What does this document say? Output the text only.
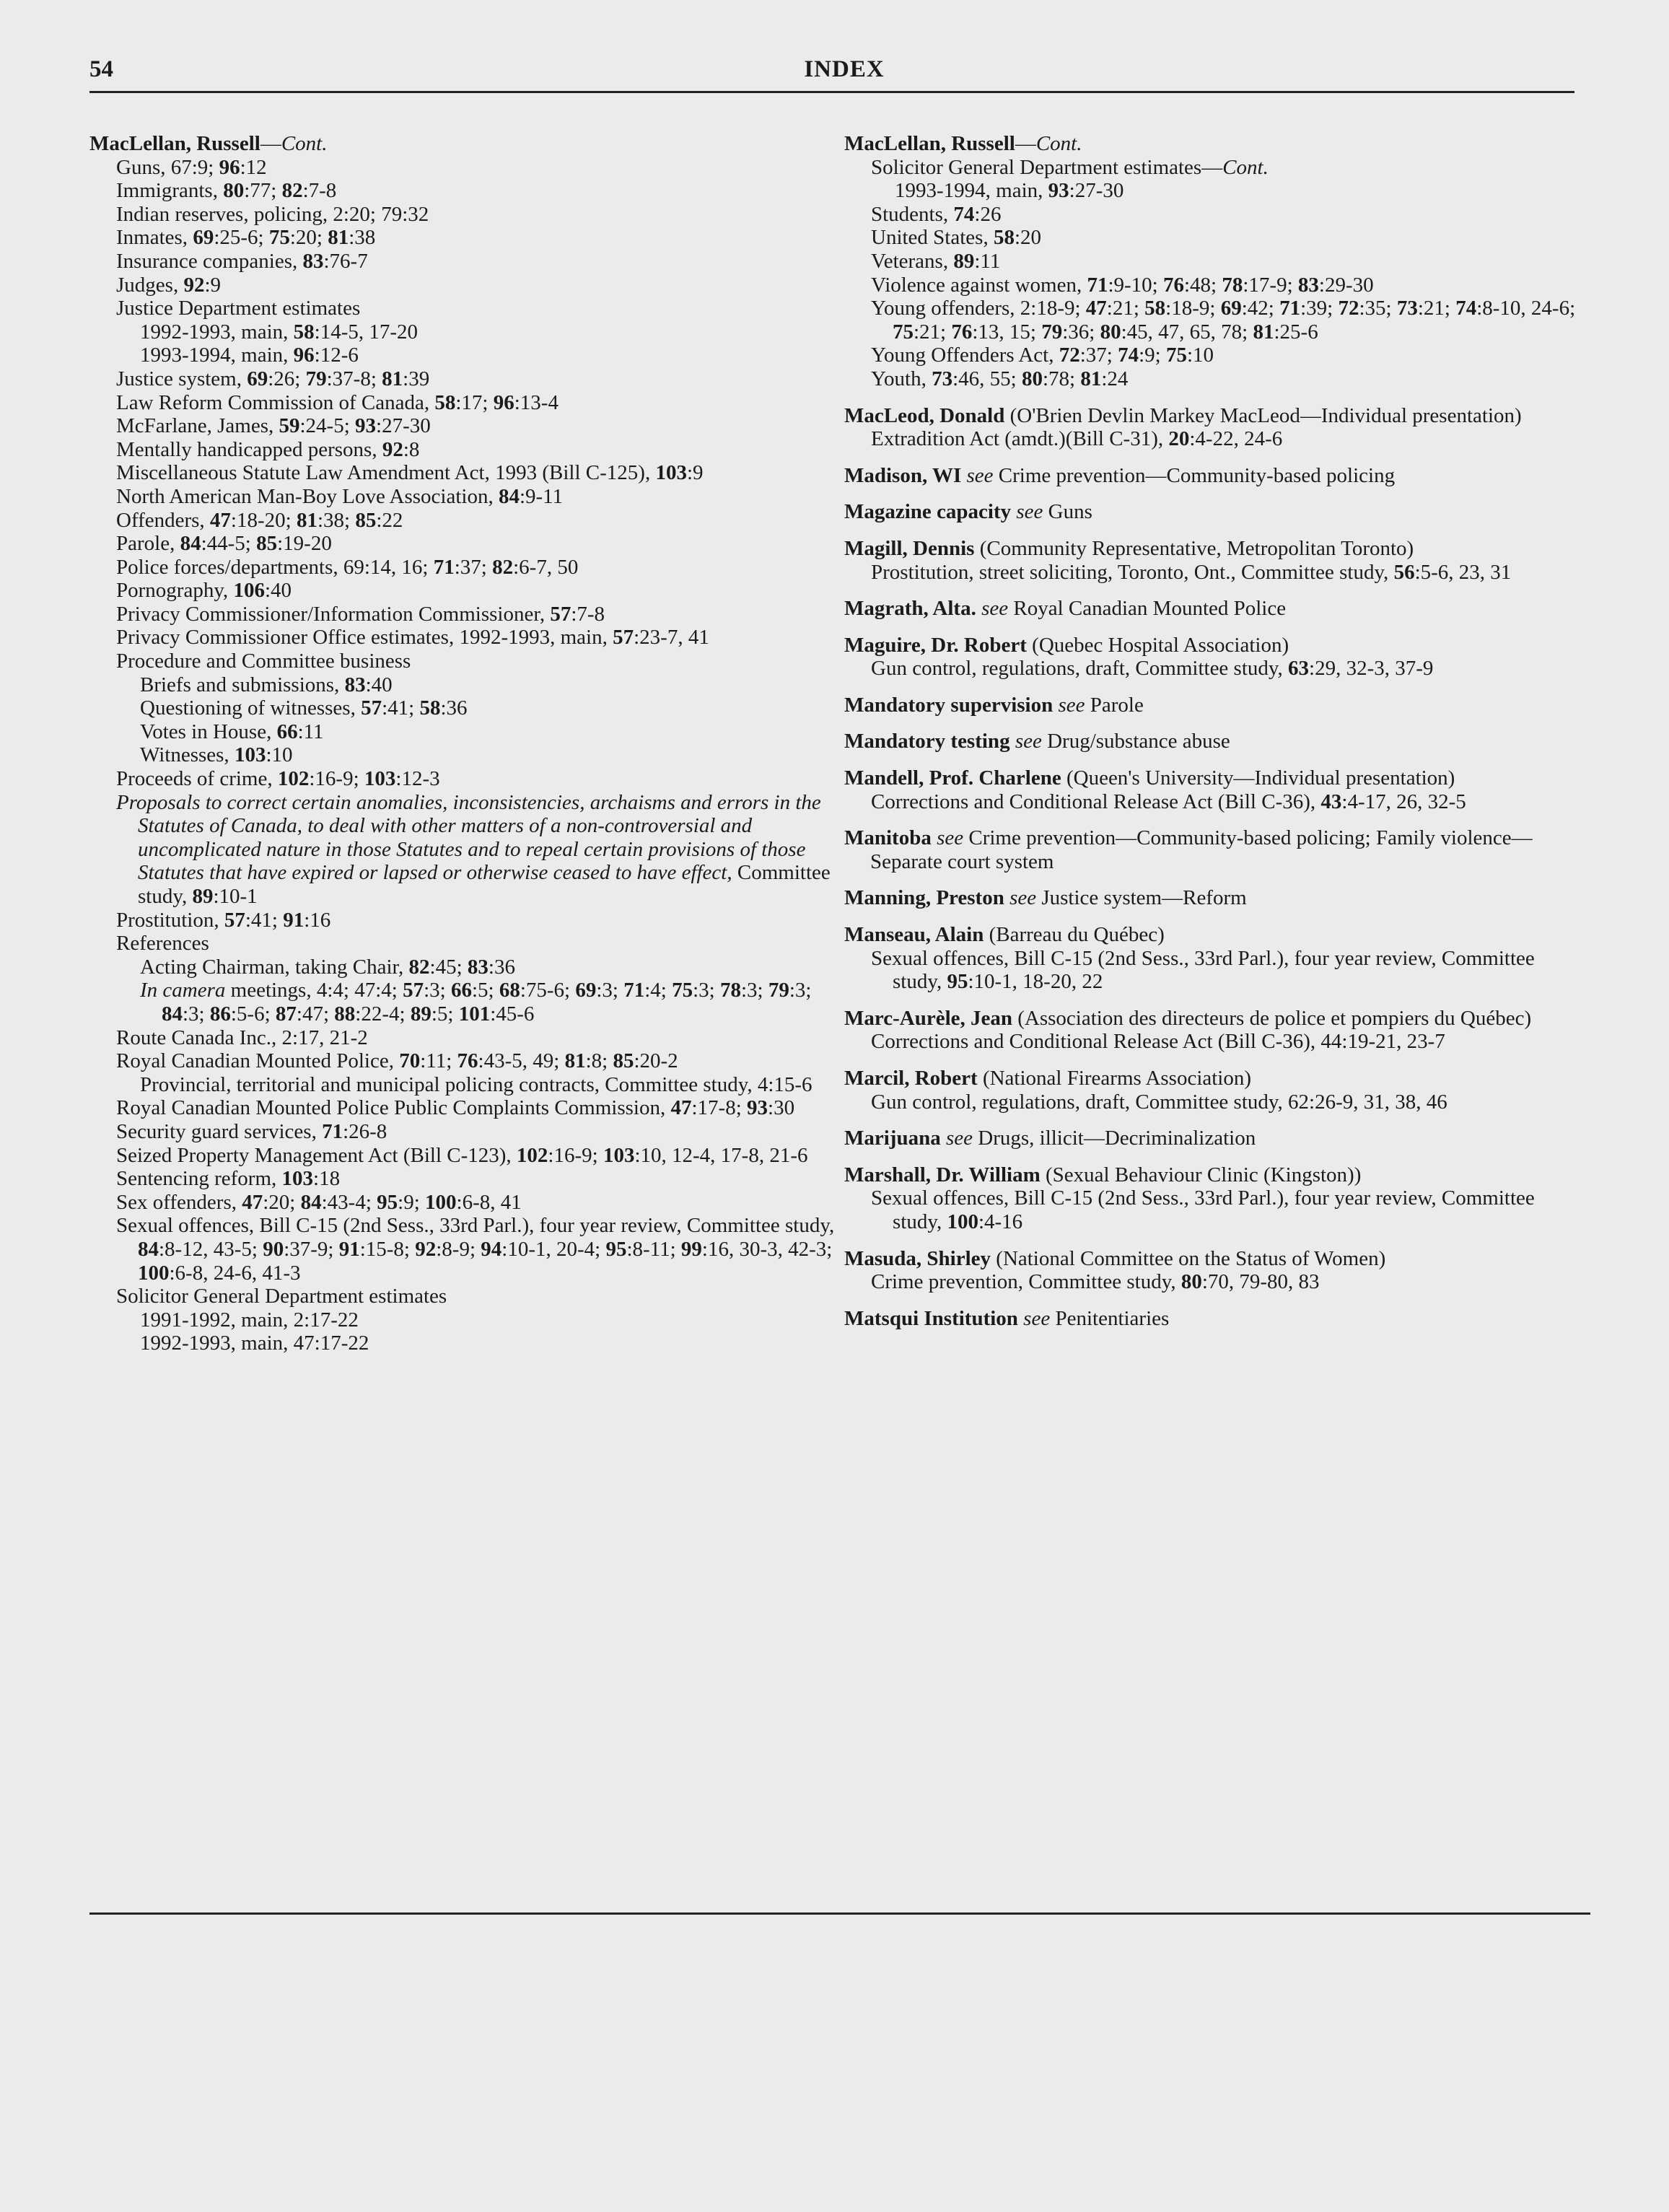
54	INDEX
MacLellan, Russell—Cont.
Guns, 67:9; 96:12
Immigrants, 80:77; 82:7-8
Indian reserves, policing, 2:20; 79:32
Inmates, 69:25-6; 75:20; 81:38
Insurance companies, 83:76-7
Judges, 92:9
Justice Department estimates
1992-1993, main, 58:14-5, 17-20
1993-1994, main, 96:12-6
Justice system, 69:26; 79:37-8; 81:39
Law Reform Commission of Canada, 58:17; 96:13-4
McFarlane, James, 59:24-5; 93:27-30
Mentally handicapped persons, 92:8
Miscellaneous Statute Law Amendment Act, 1993 (Bill C-125), 103:9
North American Man-Boy Love Association, 84:9-11
Offenders, 47:18-20; 81:38; 85:22
Parole, 84:44-5; 85:19-20
Police forces/departments, 69:14, 16; 71:37; 82:6-7, 50
Pornography, 106:40
Privacy Commissioner/Information Commissioner, 57:7-8
Privacy Commissioner Office estimates, 1992-1993, main, 57:23-7, 41
Procedure and Committee business
Briefs and submissions, 83:40
Questioning of witnesses, 57:41; 58:36
Votes in House, 66:11
Witnesses, 103:10
Proceeds of crime, 102:16-9; 103:12-3
Proposals to correct certain anomalies, inconsistencies, archaisms and errors in the Statutes of Canada, to deal with other matters of a non-controversial and uncomplicated nature in those Statutes and to repeal certain provisions of those Statutes that have expired or lapsed or otherwise ceased to have effect, Committee study, 89:10-1
Prostitution, 57:41; 91:16
References
Acting Chairman, taking Chair, 82:45; 83:36
In camera meetings, 4:4; 47:4; 57:3; 66:5; 68:75-6; 69:3; 71:4; 75:3; 78:3; 79:3; 84:3; 86:5-6; 87:47; 88:22-4; 89:5; 101:45-6
Route Canada Inc., 2:17, 21-2
Royal Canadian Mounted Police, 70:11; 76:43-5, 49; 81:8; 85:20-2
Provincial, territorial and municipal policing contracts, Committee study, 4:15-6
Royal Canadian Mounted Police Public Complaints Commission, 47:17-8; 93:30
Security guard services, 71:26-8
Seized Property Management Act (Bill C-123), 102:16-9; 103:10, 12-4, 17-8, 21-6
Sentencing reform, 103:18
Sex offenders, 47:20; 84:43-4; 95:9; 100:6-8, 41
Sexual offences, Bill C-15 (2nd Sess., 33rd Parl.), four year review, Committee study, 84:8-12, 43-5; 90:37-9; 91:15-8; 92:8-9; 94:10-1, 20-4; 95:8-11; 99:16, 30-3, 42-3; 100:6-8, 24-6, 41-3
Solicitor General Department estimates
1991-1992, main, 2:17-22
1992-1993, main, 47:17-22
MacLellan, Russell—Cont.
Solicitor General Department estimates—Cont.
1993-1994, main, 93:27-30
Students, 74:26
United States, 58:20
Veterans, 89:11
Violence against women, 71:9-10; 76:48; 78:17-9; 83:29-30
Young offenders, 2:18-9; 47:21; 58:18-9; 69:42; 71:39; 72:35; 73:21; 74:8-10, 24-6; 75:21; 76:13, 15; 79:36; 80:45, 47, 65, 78; 81:25-6
Young Offenders Act, 72:37; 74:9; 75:10
Youth, 73:46, 55; 80:78; 81:24
MacLeod, Donald (O'Brien Devlin Markey MacLeod—Individual presentation)
Extradition Act (amdt.)(Bill C-31), 20:4-22, 24-6
Madison, WI see Crime prevention—Community-based policing
Magazine capacity see Guns
Magill, Dennis (Community Representative, Metropolitan Toronto)
Prostitution, street soliciting, Toronto, Ont., Committee study, 56:5-6, 23, 31
Magrath, Alta. see Royal Canadian Mounted Police
Maguire, Dr. Robert (Quebec Hospital Association)
Gun control, regulations, draft, Committee study, 63:29, 32-3, 37-9
Mandatory supervision see Parole
Mandatory testing see Drug/substance abuse
Mandell, Prof. Charlene (Queen's University—Individual presentation)
Corrections and Conditional Release Act (Bill C-36), 43:4-17, 26, 32-5
Manitoba see Crime prevention—Community-based policing; Family violence—Separate court system
Manning, Preston see Justice system—Reform
Manseau, Alain (Barreau du Québec)
Sexual offences, Bill C-15 (2nd Sess., 33rd Parl.), four year review, Committee study, 95:10-1, 18-20, 22
Marc-Aurèle, Jean (Association des directeurs de police et pompiers du Québec)
Corrections and Conditional Release Act (Bill C-36), 44:19-21, 23-7
Marcil, Robert (National Firearms Association)
Gun control, regulations, draft, Committee study, 62:26-9, 31, 38, 46
Marijuana see Drugs, illicit—Decriminalization
Marshall, Dr. William (Sexual Behaviour Clinic (Kingston))
Sexual offences, Bill C-15 (2nd Sess., 33rd Parl.), four year review, Committee study, 100:4-16
Masuda, Shirley (National Committee on the Status of Women)
Crime prevention, Committee study, 80:70, 79-80, 83
Matsqui Institution see Penitentiaries
